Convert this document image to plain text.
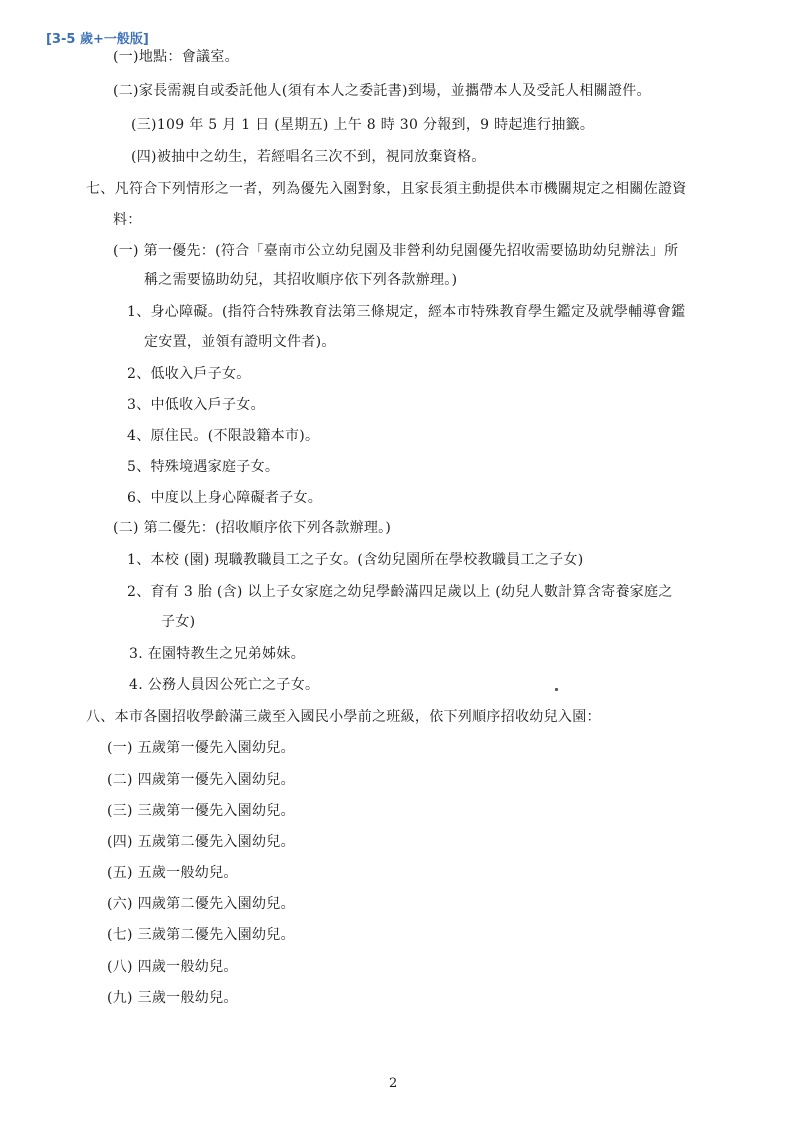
[3-5 歲+一般版]
(一)地點：會議室。
(二)家長需親自或委託他人(須有本人之委託書)到場，並攜帶本人及受託人相關證件。
(三)109 年 5 月 1 日 (星期五) 上午 8 時 30 分報到，9 時起進行抽籤。
(四)被抽中之幼生，若經唱名三次不到，視同放棄資格。
七、凡符合下列情形之一者，列為優先入園對象，且家長須主動提供本市機關規定之相關佐證資
料：
(一) 第一優先：(符合「臺南市公立幼兒園及非營利幼兒園優先招收需要協助幼兒辦法」所
稱之需要協助幼兒，其招收順序依下列各款辦理。)
1、身心障礙。(指符合特殊教育法第三條規定，經本市特殊教育學生鑑定及就學輔導會鑑
定安置，並領有證明文件者)。
2、低收入戶子女。
3、中低收入戶子女。
4、原住民。(不限設籍本市)。
5、特殊境遇家庭子女。
6、中度以上身心障礙者子女。
(二) 第二優先：(招收順序依下列各款辦理。)
1、本校 (園) 現職教職員工之子女。(含幼兒園所在學校教職員工之子女)
2、育有 3 胎 (含) 以上子女家庭之幼兒學齡滿四足歲以上 (幼兒人數計算含寄養家庭之
子女)
3. 在園特教生之兄弟姊妹。
4. 公務人員因公死亡之子女。
八、本市各園招收學齡滿三歲至入國民小學前之班級，依下列順序招收幼兒入園：
(一) 五歲第一優先入園幼兒。
(二) 四歲第一優先入園幼兒。
(三) 三歲第一優先入園幼兒。
(四) 五歲第二優先入園幼兒。
(五) 五歲一般幼兒。
(六) 四歲第二優先入園幼兒。
(七) 三歲第二優先入園幼兒。
(八) 四歲一般幼兒。
(九) 三歲一般幼兒。
2
